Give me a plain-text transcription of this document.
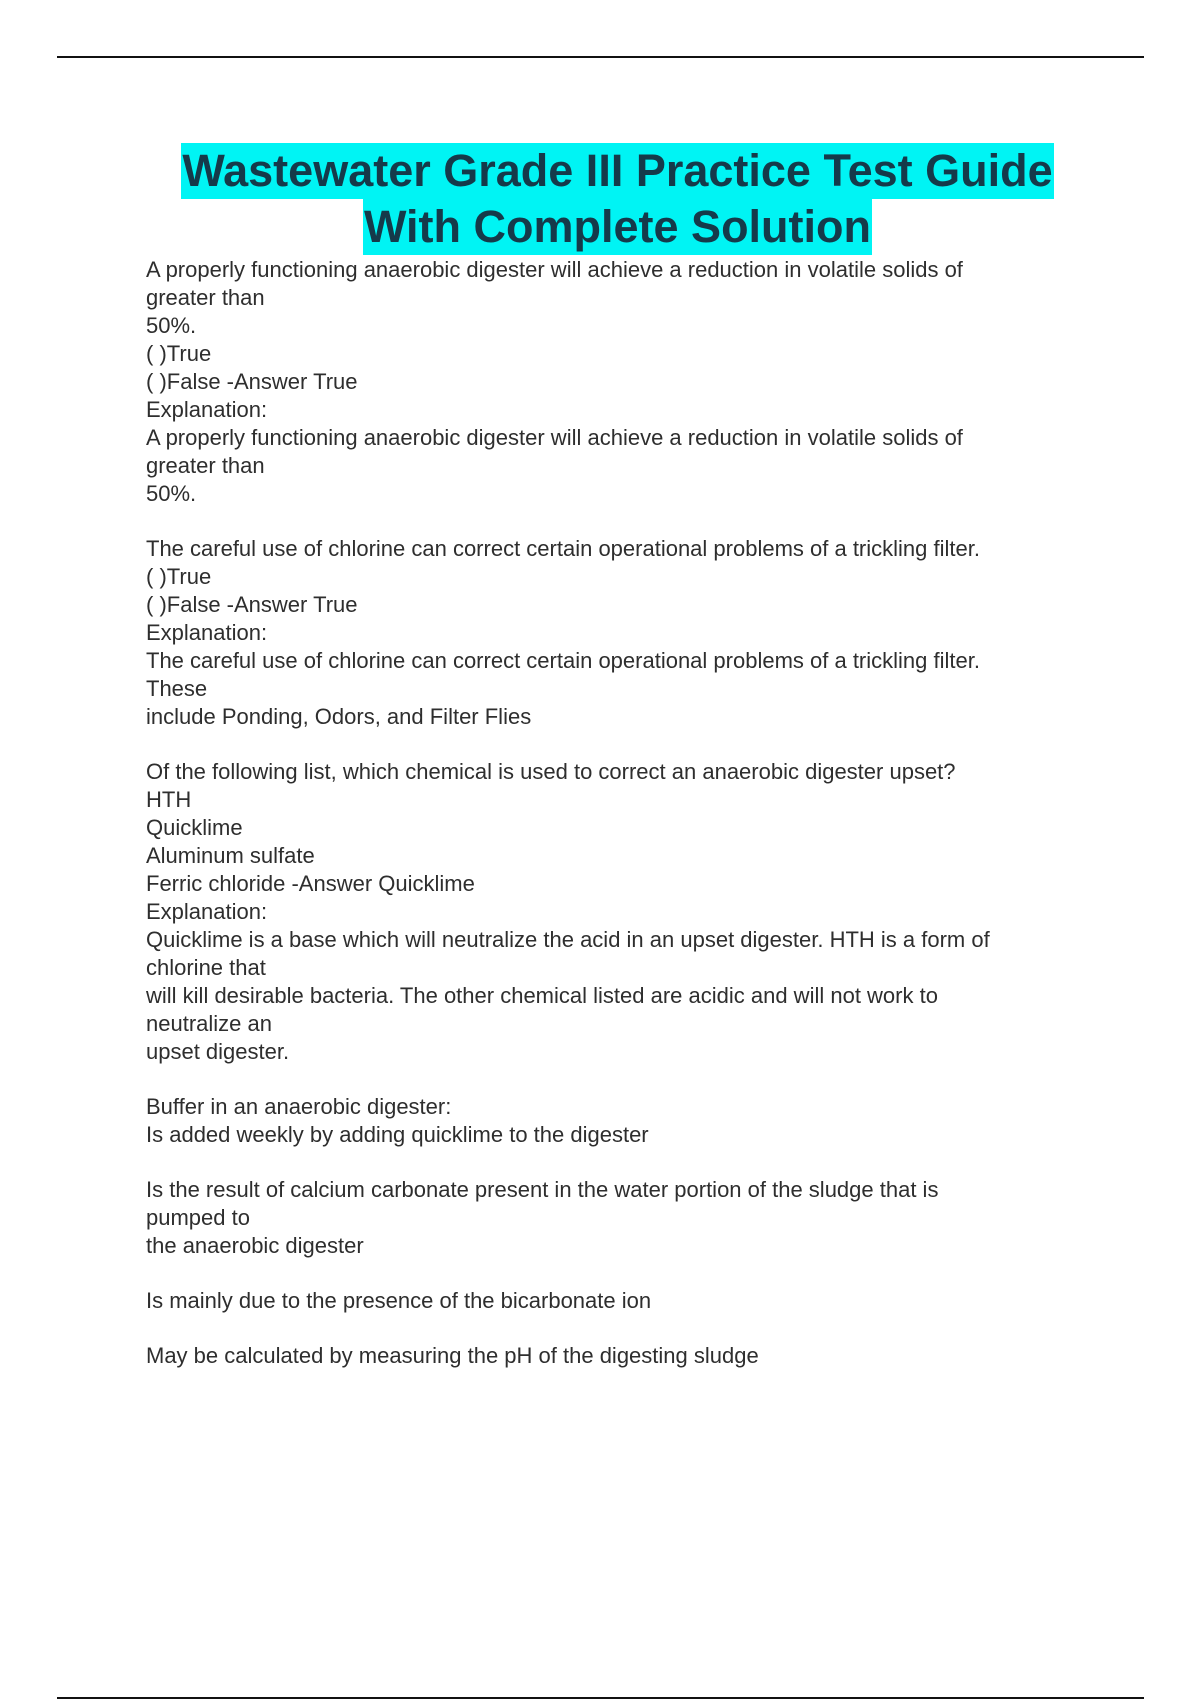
Wastewater Grade III Practice Test Guide
With Complete Solution
A properly functioning anaerobic digester will achieve a reduction in volatile solids of
greater than
50%.
( )True
( )False -Answer True
Explanation:
A properly functioning anaerobic digester will achieve a reduction in volatile solids of
greater than
50%.
The careful use of chlorine can correct certain operational problems of a trickling filter.
( )True
( )False -Answer True
Explanation:
The careful use of chlorine can correct certain operational problems of a trickling filter.
These
include Ponding, Odors, and Filter Flies
Of the following list, which chemical is used to correct an anaerobic digester upset?
HTH
Quicklime
Aluminum sulfate
Ferric chloride -Answer Quicklime
Explanation:
Quicklime is a base which will neutralize the acid in an upset digester. HTH is a form of
chlorine that
will kill desirable bacteria. The other chemical listed are acidic and will not work to
neutralize an
upset digester.
Buffer in an anaerobic digester:
Is added weekly by adding quicklime to the digester
Is the result of calcium carbonate present in the water portion of the sludge that is
pumped to
the anaerobic digester
Is mainly due to the presence of the bicarbonate ion
May be calculated by measuring the pH of the digesting sludge
